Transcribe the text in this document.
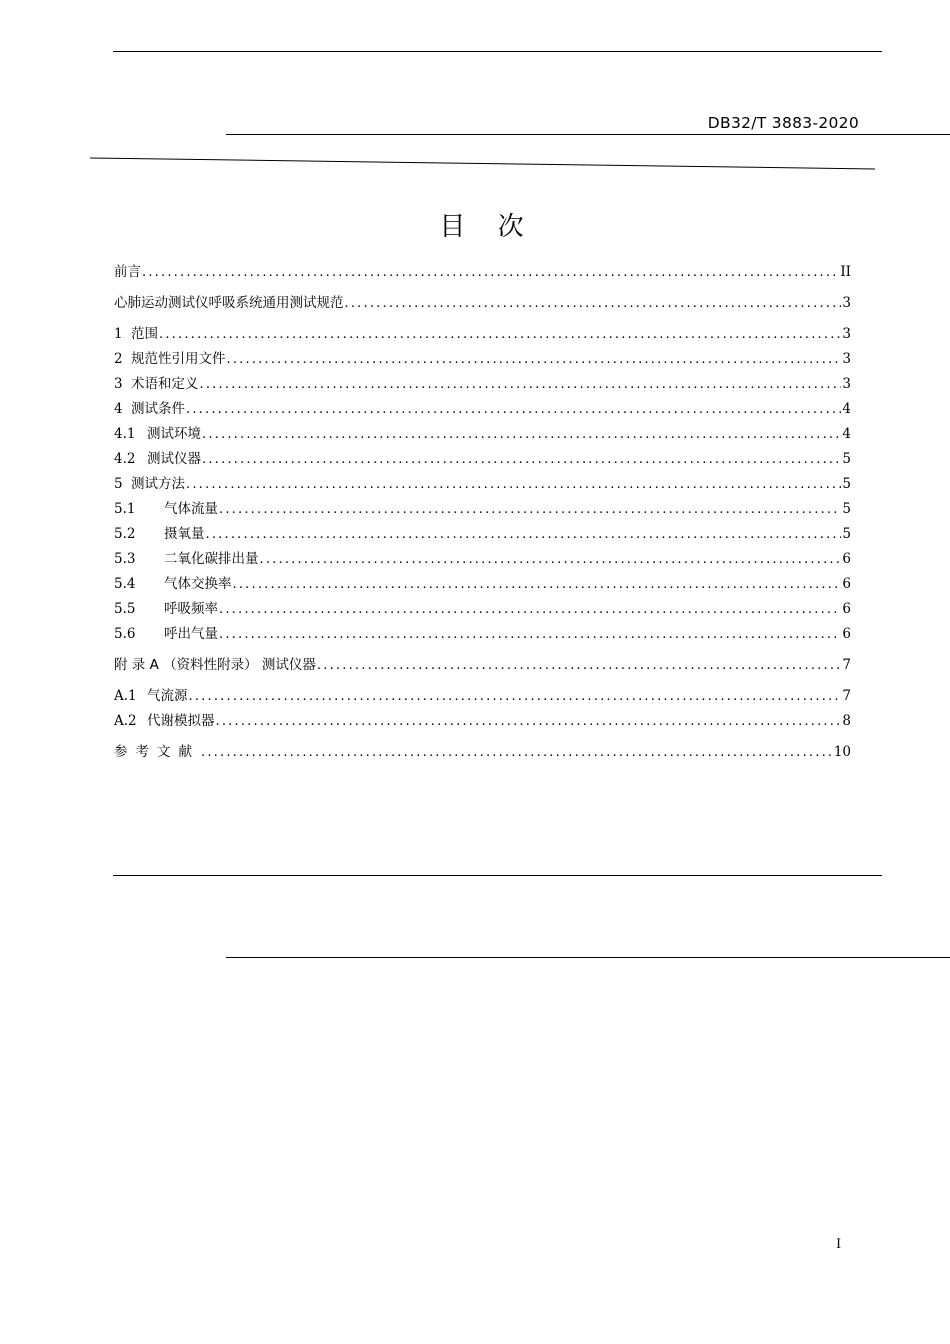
DB32/T 3883-2020
目 次
前言 .....	II
心肺运动测试仪呼吸系统通用测试规范 .....	3
1 范围 .....	3
2 规范性引用文件 .....	3
3 术语和定义 .....	3
4 测试条件 .....	4
4.1 测试环境 .....	4
4.2 测试仪器 .....	5
5 测试方法 .....	5
5.1	气体流量 .....	5
5.2	摄氧量 .....	5
5.3	二氧化碳排出量 .....	6
5.4	气体交换率 .....	6
5.5	呼吸频率 .....	6
5.6	呼出气量 .....	6
附 录 A （资料性附录） 测试仪器 .....	7
A.1 气流源 .....	7
A.2 代谢模拟器 .....	8
参考文献 .....	10
I
